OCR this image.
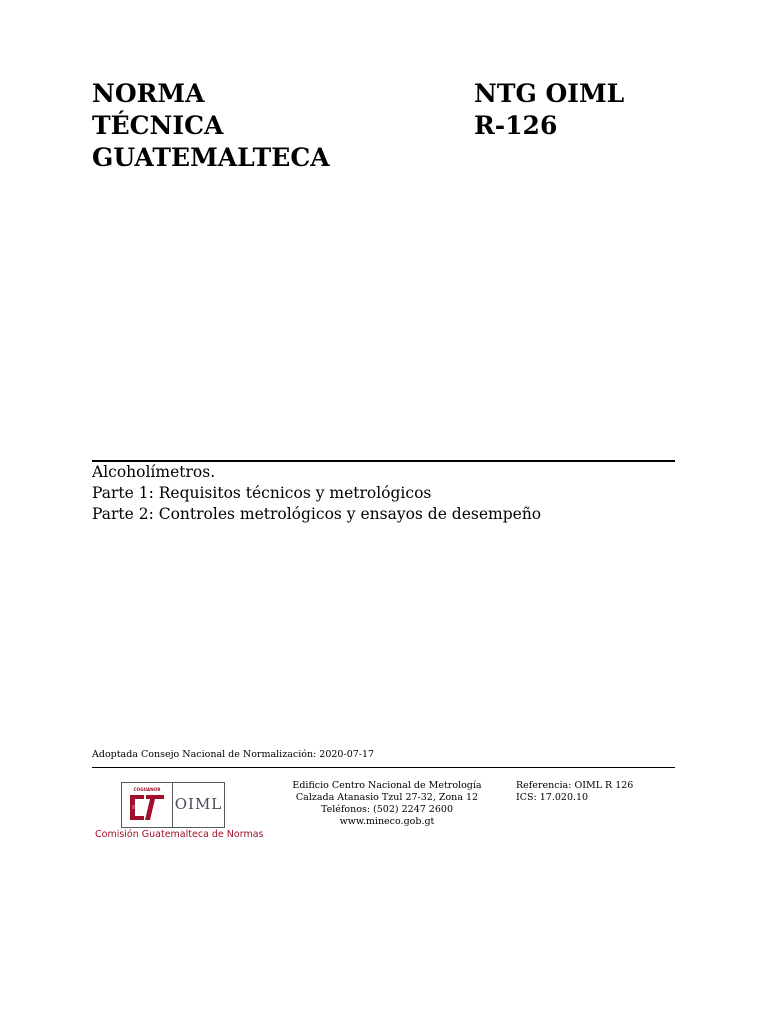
NORMA
TÉCNICA
GUATEMALTECA
NTG OIML
R-126
Alcoholímetros.
Parte 1: Requisitos técnicos y metrológicos
Parte 2: Controles metrológicos y ensayos de desempeño
Adoptada Consejo Nacional de Normalización: 2020-07-17
COGUANOR
OIML
Comisión Guatemalteca de Normas
Edificio Centro Nacional de Metrología
Calzada Atanasio Tzul 27-32, Zona 12
Teléfonos: (502) 2247 2600
www.mineco.gob.gt
Referencia: OIML R 126
ICS: 17.020.10
